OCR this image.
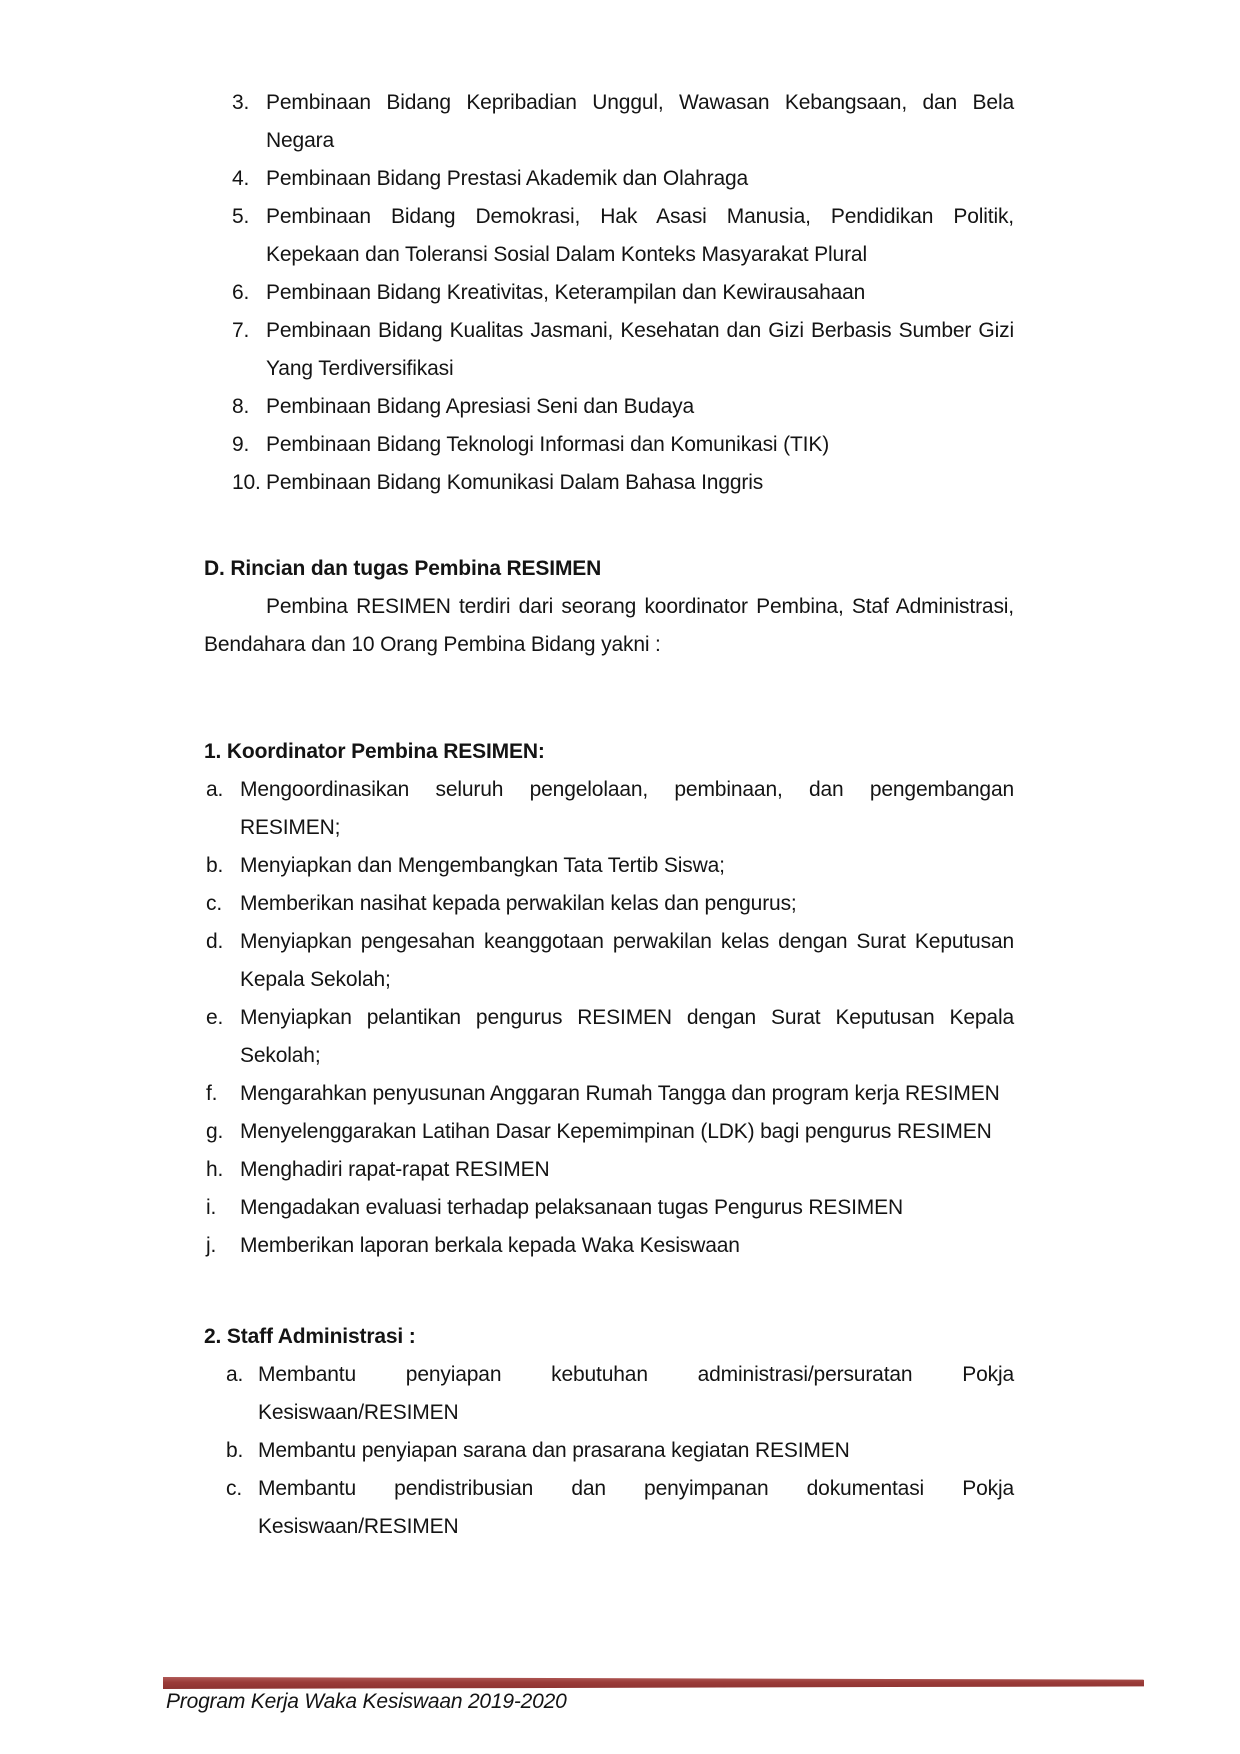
3. Pembinaan Bidang Kepribadian Unggul, Wawasan Kebangsaan, dan Bela
Negara
4. Pembinaan Bidang Prestasi Akademik dan Olahraga
5. Pembinaan Bidang Demokrasi, Hak Asasi Manusia, Pendidikan Politik,
Kepekaan dan Toleransi Sosial Dalam Konteks Masyarakat Plural
6. Pembinaan Bidang Kreativitas, Keterampilan dan Kewirausahaan
7. Pembinaan Bidang Kualitas Jasmani, Kesehatan dan Gizi Berbasis Sumber Gizi
Yang Terdiversifikasi
8. Pembinaan Bidang Apresiasi Seni dan Budaya
9. Pembinaan Bidang Teknologi Informasi dan Komunikasi (TIK)
10. Pembinaan Bidang Komunikasi Dalam Bahasa Inggris
D. Rincian dan tugas Pembina RESIMEN
Pembina RESIMEN terdiri dari seorang koordinator Pembina, Staf Administrasi,
Bendahara dan 10 Orang Pembina Bidang yakni :
1. Koordinator Pembina RESIMEN:
a. Mengoordinasikan seluruh pengelolaan, pembinaan, dan pengembangan
RESIMEN;
b. Menyiapkan dan Mengembangkan Tata Tertib Siswa;
c. Memberikan nasihat kepada perwakilan kelas dan pengurus;
d. Menyiapkan pengesahan keanggotaan perwakilan kelas dengan Surat Keputusan
Kepala Sekolah;
e. Menyiapkan pelantikan pengurus RESIMEN dengan Surat Keputusan Kepala
Sekolah;
f.	Mengarahkan penyusunan Anggaran Rumah Tangga dan program kerja RESIMEN
g. Menyelenggarakan Latihan Dasar Kepemimpinan (LDK) bagi pengurus RESIMEN
h. Menghadiri rapat-rapat RESIMEN
i.	Mengadakan evaluasi terhadap pelaksanaan tugas Pengurus RESIMEN
j.	Memberikan laporan berkala kepada Waka Kesiswaan
2. Staff Administrasi :
a. Membantu penyiapan kebutuhan administrasi/persuratan Pokja
Kesiswaan/RESIMEN
b. Membantu penyiapan sarana dan prasarana kegiatan RESIMEN
c. Membantu pendistribusian dan penyimpanan dokumentasi Pokja
Kesiswaan/RESIMEN
Program Kerja Waka Kesiswaan 2019-2020
